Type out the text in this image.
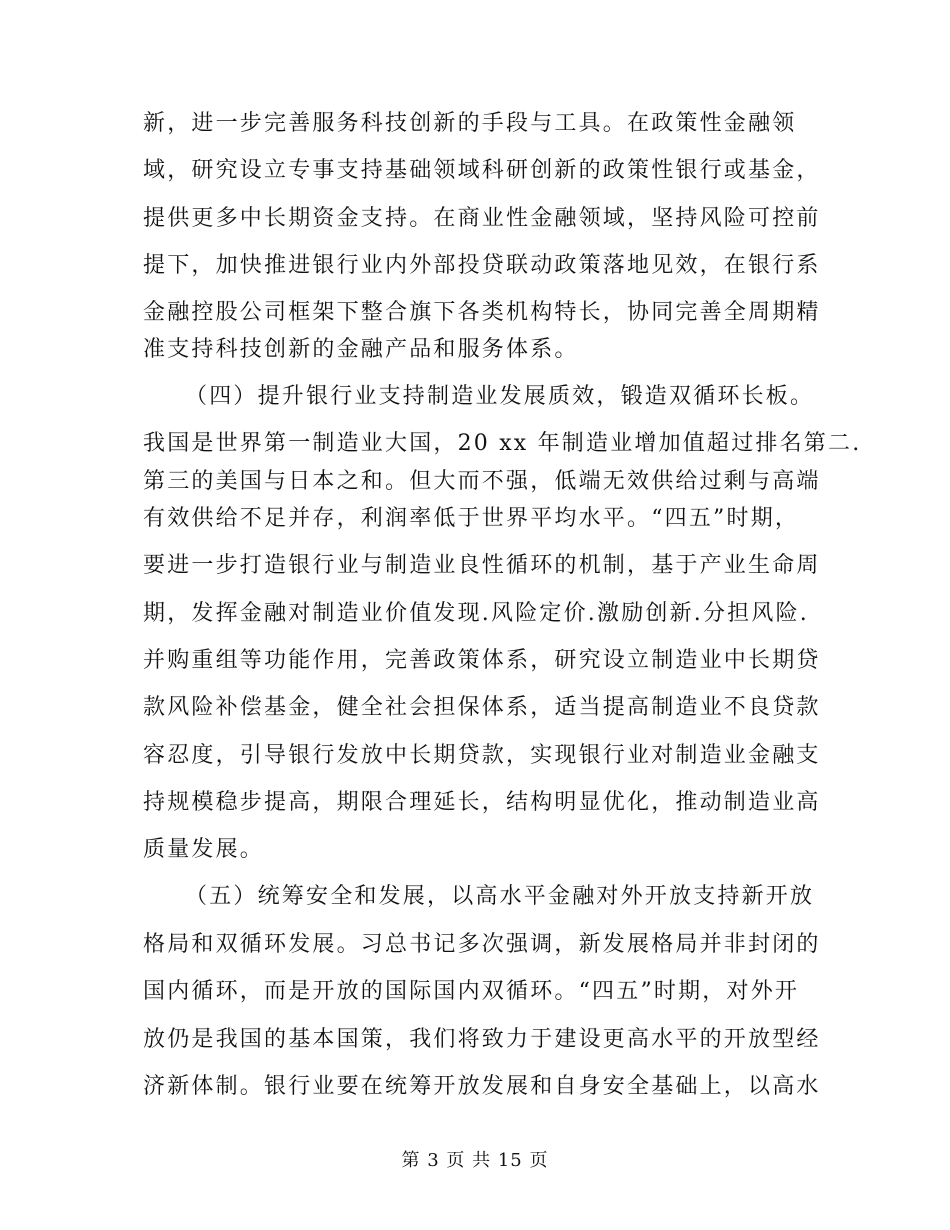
新，进一步完善服务科技创新的手段与工具。在政策性金融领
域，研究设立专事支持基础领域科研创新的政策性银行或基金，
提供更多中长期资金支持。在商业性金融领域，坚持风险可控前
提下，加快推进银行业内外部投贷联动政策落地见效，在银行系
金融控股公司框架下整合旗下各类机构特长，协同完善全周期精
准支持科技创新的金融产品和服务体系。
（四）提升银行业支持制造业发展质效，锻造双循环长板。
我国是世界第一制造业大国，20 xx 年制造业增加值超过排名第二.
第三的美国与日本之和。但大而不强，低端无效供给过剩与高端
有效供给不足并存，利润率低于世界平均水平。“四五”时期，
要进一步打造银行业与制造业良性循环的机制，基于产业生命周
期，发挥金融对制造业价值发现.风险定价.激励创新.分担风险.
并购重组等功能作用，完善政策体系，研究设立制造业中长期贷
款风险补偿基金，健全社会担保体系，适当提高制造业不良贷款
容忍度，引导银行发放中长期贷款，实现银行业对制造业金融支
持规模稳步提高，期限合理延长，结构明显优化，推动制造业高
质量发展。
（五）统筹安全和发展，以高水平金融对外开放支持新开放
格局和双循环发展。习总书记多次强调，新发展格局并非封闭的
国内循环，而是开放的国际国内双循环。“四五”时期，对外开
放仍是我国的基本国策，我们将致力于建设更高水平的开放型经
济新体制。银行业要在统筹开放发展和自身安全基础上，以高水
第 3 页 共 15 页
